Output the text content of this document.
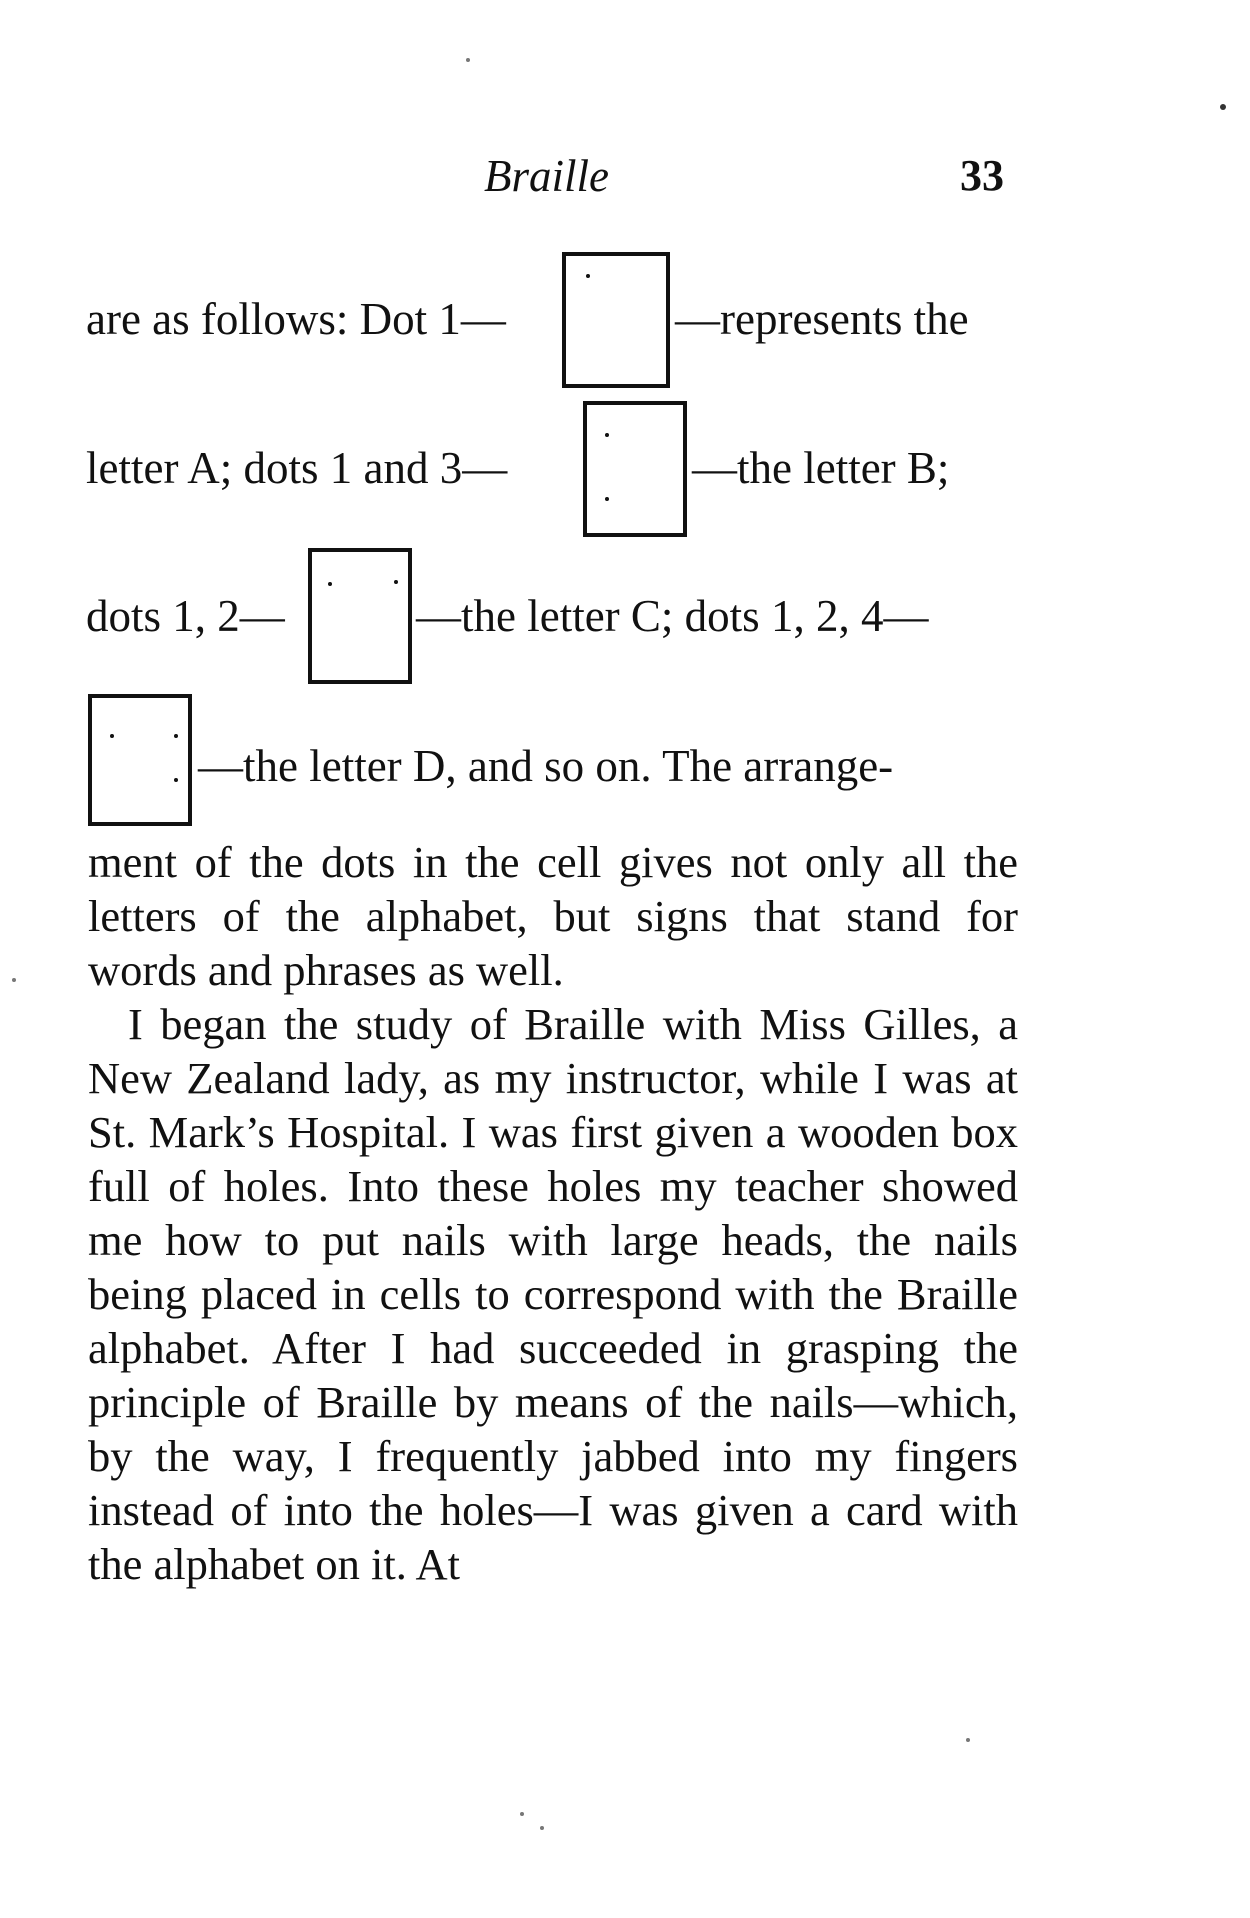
Braille	33
are as follows: Dot 1—	—represents the
letter A; dots 1 and 3—	—the letter B;
dots 1, 2—	—the letter C; dots 1, 2, 4—
—the letter D, and so on. The arrange-

ment of the dots in the cell gives not only all the letters of the alphabet, but signs that stand for words and phrases as well.

I began the study of Braille with Miss Gilles, a New Zealand lady, as my instructor, while I was at St. Mark’s Hospital. I was first given a wooden box full of holes. Into these holes my teacher showed me how to put nails with large heads, the nails being placed in cells to correspond with the Braille alphabet. After I had succeeded in grasping the principle of Braille by means of the nails—which, by the way, I frequently jabbed into my fingers instead of into the holes—I was given a card with the alphabet on it. At
